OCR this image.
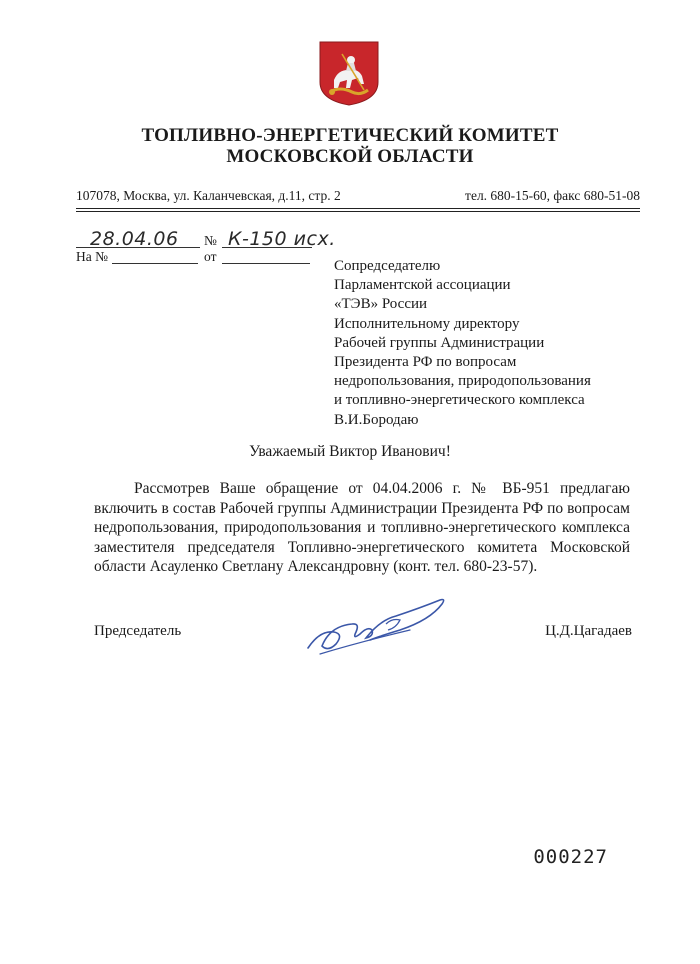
ТОПЛИВНО-ЭНЕРГЕТИЧЕСКИЙ КОМИТЕТ
МОСКОВСКОЙ ОБЛАСТИ
107078, Москва, ул. Каланчевская, д.11, стр. 2	тел. 680-15-60, факс 680-51-08
28.04.06 № К-150 исх.
На №	от
Сопредседателю
Парламентской ассоциации
«ТЭВ» России
Исполнительному директору
Рабочей группы Администрации
Президента РФ по вопросам
недропользования, природопользования
и топливно-энергетического комплекса
В.И.Бородаю
Уважаемый Виктор Иванович!
Рассмотрев Ваше обращение от 04.04.2006 г. № ВБ-951 предлагаю включить в состав Рабочей группы Администрации Президента РФ по вопросам недропользования, природопользования и топливно-энергетического комплекса заместителя председателя Топливно-энергетического комитета Московской области Асауленко Светлану Александровну (конт. тел. 680-23-57).
Председатель	Ц.Д.Цагадаев
000227
